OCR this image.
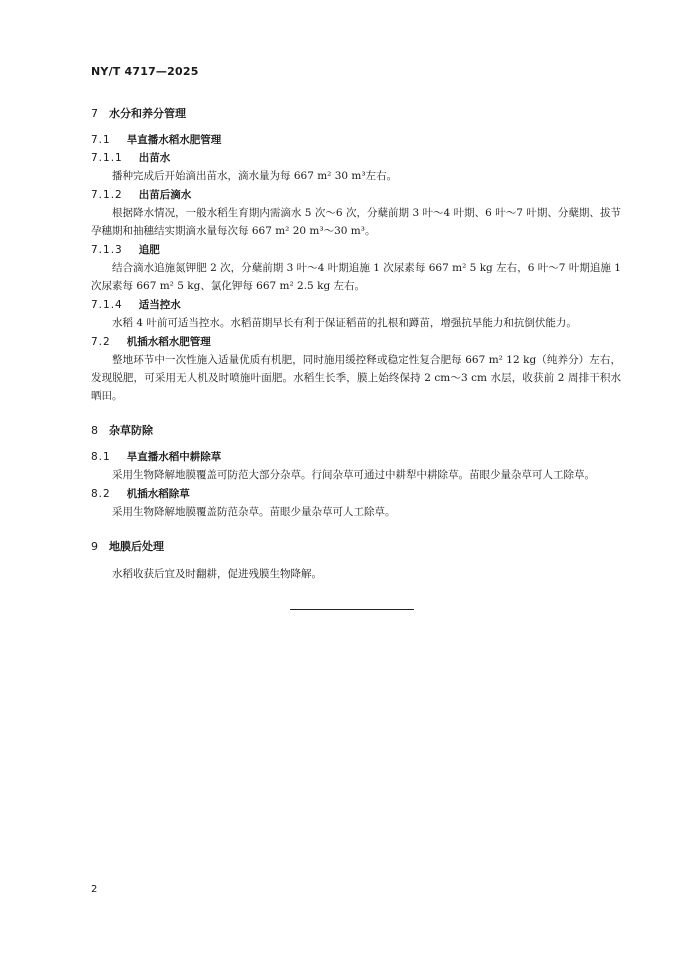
NY/T 4717—2025
7 水分和养分管理
7.1 旱直播水稻水肥管理
7.1.1 出苗水
播种完成后开始滴出苗水，滴水量为每 667 m² 30 m³左右。
7.1.2 出苗后滴水
根据降水情况，一般水稻生育期内需滴水 5 次～6 次，分蘖前期 3 叶～4 叶期、6 叶～7 叶期、分蘖期、拔节孕穗期和抽穗结实期滴水量每次每 667 m² 20 m³～30 m³。
7.1.3 追肥
结合滴水追施氮钾肥 2 次，分蘖前期 3 叶～4 叶期追施 1 次尿素每 667 m² 5 kg 左右，6 叶～7 叶期追施 1 次尿素每 667 m² 5 kg、氯化钾每 667 m² 2.5 kg 左右。
7.1.4 适当控水
水稻 4 叶前可适当控水。水稻苗期早长有利于保证稻苗的扎根和蹲苗，增强抗旱能力和抗倒伏能力。
7.2 机插水稻水肥管理
整地环节中一次性施入适量优质有机肥，同时施用缓控释或稳定性复合肥每 667 m² 12 kg（纯养分）左右，发现脱肥，可采用无人机及时喷施叶面肥。水稻生长季，膜上始终保持 2 cm～3 cm 水层，收获前 2 周排干积水晒田。
8 杂草防除
8.1 旱直播水稻中耕除草
采用生物降解地膜覆盖可防范大部分杂草。行间杂草可通过中耕犁中耕除草。苗眼少量杂草可人工除草。
8.2 机插水稻除草
采用生物降解地膜覆盖防范杂草。苗眼少量杂草可人工除草。
9 地膜后处理
水稻收获后宜及时翻耕，促进残膜生物降解。
2
